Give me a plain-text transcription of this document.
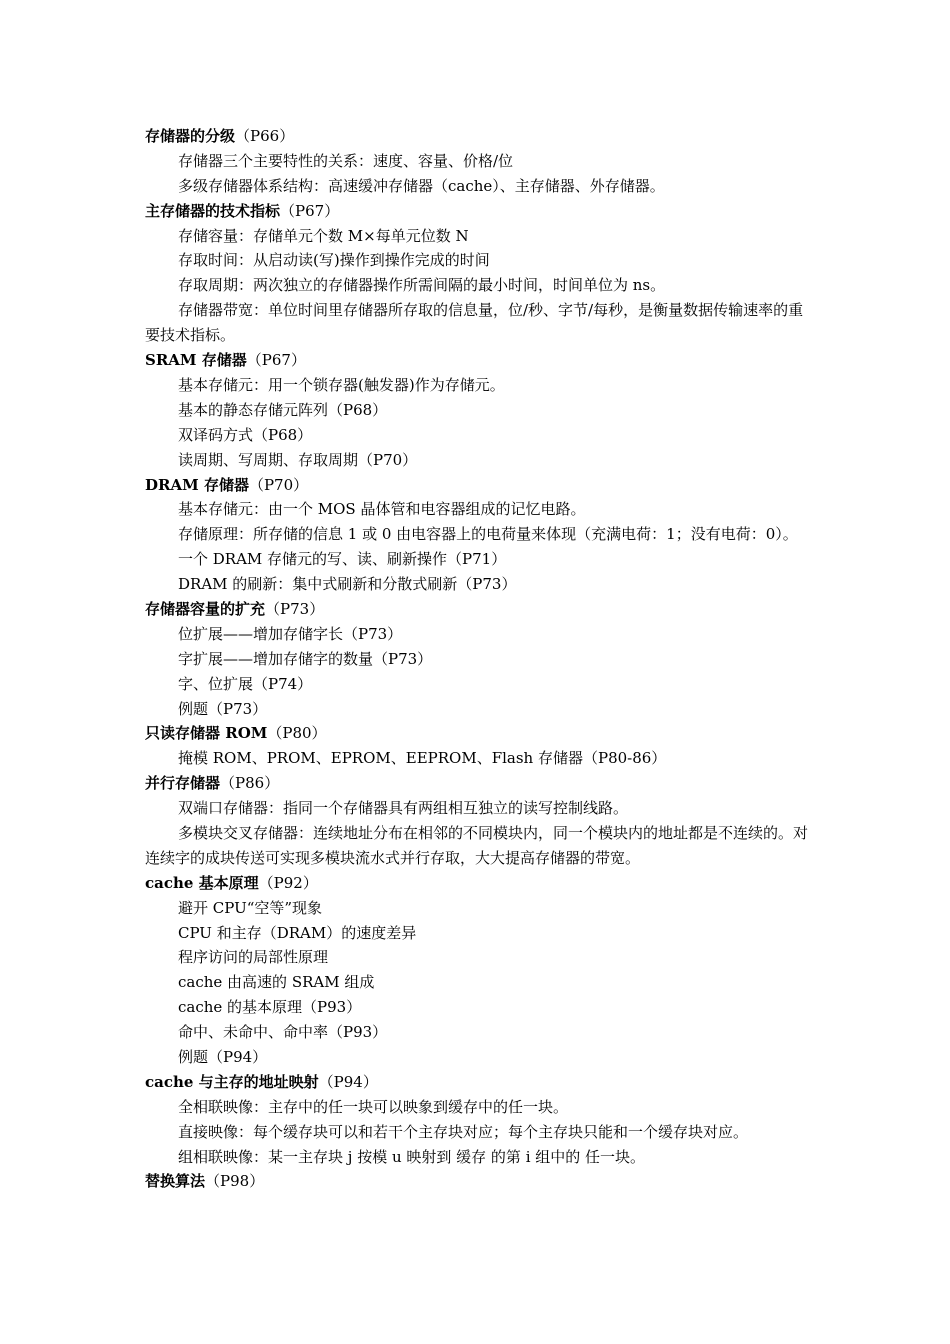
存储器的分级（P66）
存储器三个主要特性的关系：速度、容量、价格/位
多级存储器体系结构：高速缓冲存储器（cache）、主存储器、外存储器。
主存储器的技术指标（P67）
存储容量：存储单元个数 M×每单元位数 N
存取时间：从启动读(写)操作到操作完成的时间
存取周期：两次独立的存储器操作所需间隔的最小时间，时间单位为 ns。
存储器带宽：单位时间里存储器所存取的信息量，位/秒、字节/每秒，是衡量数据传输速率的重要技术指标。
SRAM 存储器（P67）
基本存储元：用一个锁存器(触发器)作为存储元。
基本的静态存储元阵列（P68）
双译码方式（P68）
读周期、写周期、存取周期（P70）
DRAM 存储器（P70）
基本存储元：由一个 MOS 晶体管和电容器组成的记忆电路。
存储原理：所存储的信息 1 或 0 由电容器上的电荷量来体现（充满电荷：1；没有电荷：0）。
一个 DRAM 存储元的写、读、刷新操作（P71）
DRAM 的刷新：集中式刷新和分散式刷新（P73）
存储器容量的扩充（P73）
位扩展——增加存储字长（P73）
字扩展——增加存储字的数量（P73）
字、位扩展（P74）
例题（P73）
只读存储器 ROM（P80）
掩模 ROM、PROM、EPROM、EEPROM、Flash 存储器（P80-86）
并行存储器（P86）
双端口存储器：指同一个存储器具有两组相互独立的读写控制线路。
多模块交叉存储器：连续地址分布在相邻的不同模块内，同一个模块内的地址都是不连续的。对连续字的成块传送可实现多模块流水式并行存取，大大提高存储器的带宽。
cache 基本原理（P92）
避开 CPU“空等”现象
CPU 和主存（DRAM）的速度差异
程序访问的局部性原理
cache 由高速的 SRAM 组成
cache 的基本原理（P93）
命中、未命中、命中率（P93）
例题（P94）
cache 与主存的地址映射（P94）
全相联映像：主存中的任一块可以映象到缓存中的任一块。
直接映像：每个缓存块可以和若干个主存块对应；每个主存块只能和一个缓存块对应。
组相联映像：某一主存块 j 按模 u 映射到 缓存 的第 i 组中的 任一块。
替换算法（P98）
